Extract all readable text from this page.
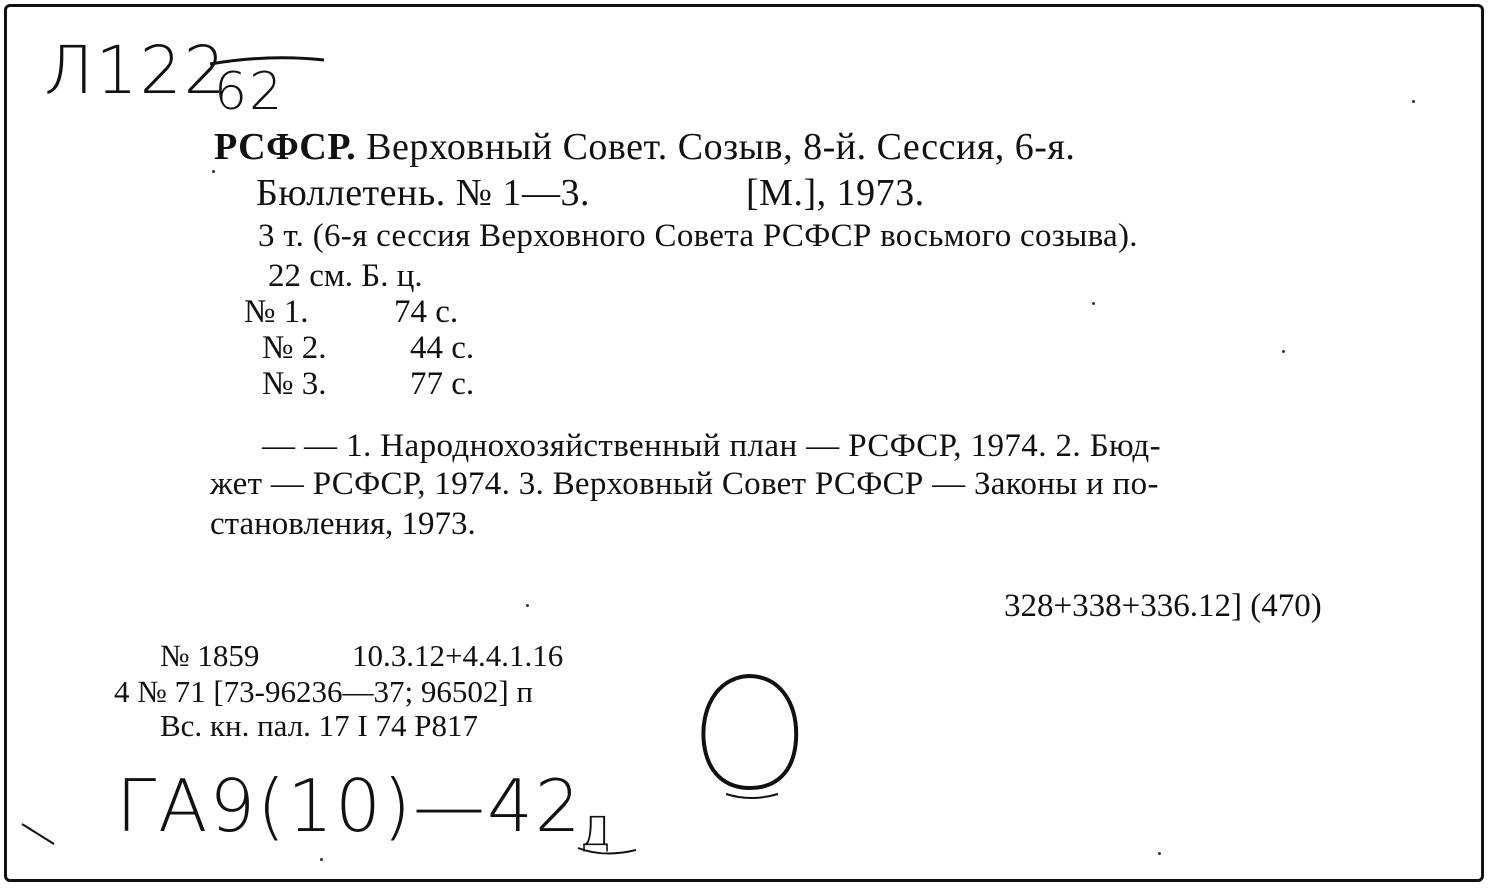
Л122
62
РСФСР. Верховный Совет. Созыв, 8-й. Сессия, 6-я.
Бюллетень. № 1—3.	[М.], 1973.
3 т. (6-я сессия Верховного Совета РСФСР восьмого созыва).
22 см. Б. ц.
№ 1.	74 с.
№ 2.	44 с.
№ 3.	77 с.
— — 1. Народнохозяйственный план — РСФСР, 1974. 2. Бюд-
жет — РСФСР, 1974. 3. Верховный Совет РСФСР — Законы и по-
становления, 1973.
328+338+336.12] (470)
№ 1859	10.3.12+4.4.1.16
4 № 71 [73-96236—37; 96502] п
Вс. кн. пал. 17 I 74 Р817
ГА9(10)—42
Д
